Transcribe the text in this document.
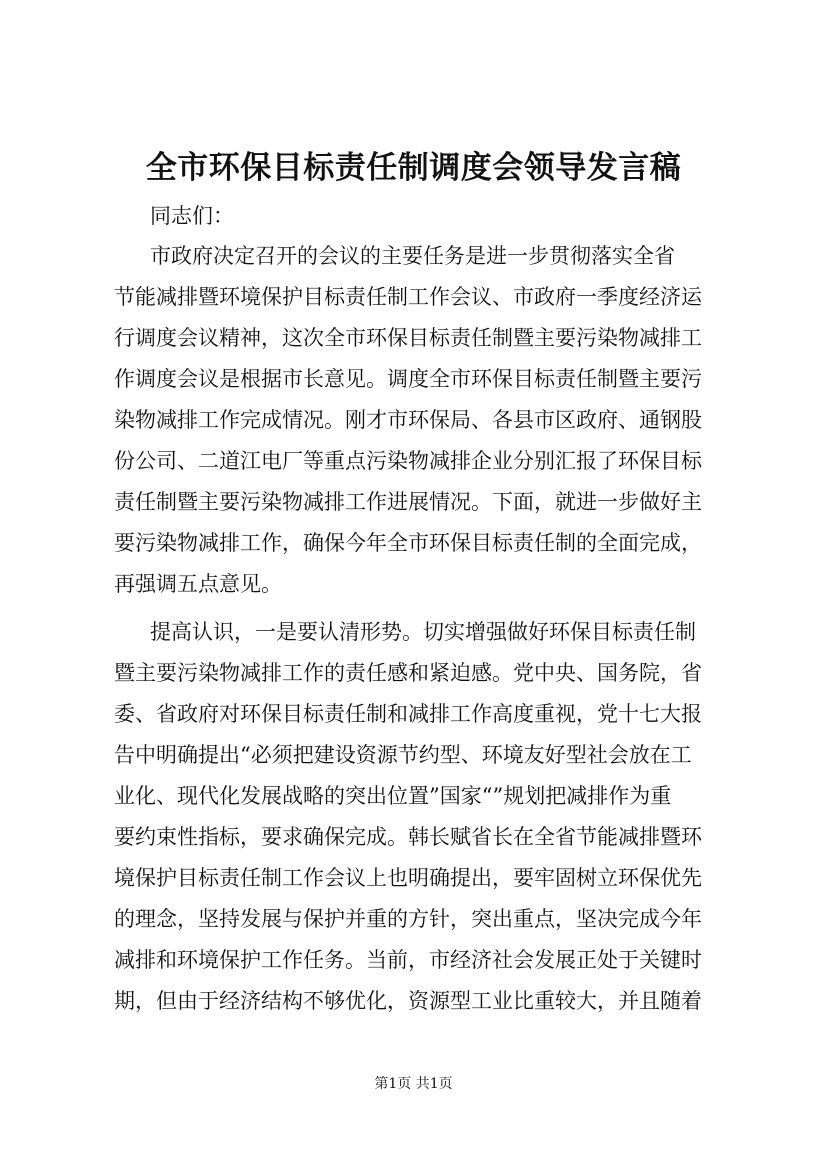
全市环保目标责任制调度会领导发言稿

同志们：

市政府决定召开的会议的主要任务是进一步贯彻落实全省

节能减排暨环境保护目标责任制工作会议、市政府一季度经济运

行调度会议精神，这次全市环保目标责任制暨主要污染物减排工

作调度会议是根据市长意见。调度全市环保目标责任制暨主要污

染物减排工作完成情况。刚才市环保局、各县市区政府、通钢股

份公司、二道江电厂等重点污染物减排企业分别汇报了环保目标

责任制暨主要污染物减排工作进展情况。下面，就进一步做好主

要污染物减排工作，确保今年全市环保目标责任制的全面完成，

再强调五点意见。

提高认识，一是要认清形势。切实增强做好环保目标责任制

暨主要污染物减排工作的责任感和紧迫感。党中央、国务院，省

委、省政府对环保目标责任制和减排工作高度重视，党十七大报

告中明确提出“必须把建设资源节约型、环境友好型社会放在工

业化、现代化发展战略的突出位置”国家“”规划把减排作为重

要约束性指标，要求确保完成。韩长赋省长在全省节能减排暨环

境保护目标责任制工作会议上也明确提出，要牢固树立环保优先

的理念，坚持发展与保护并重的方针，突出重点，坚决完成今年

减排和环境保护工作任务。当前，市经济社会发展正处于关键时

期，但由于经济结构不够优化，资源型工业比重较大，并且随着

第1页 共1页
